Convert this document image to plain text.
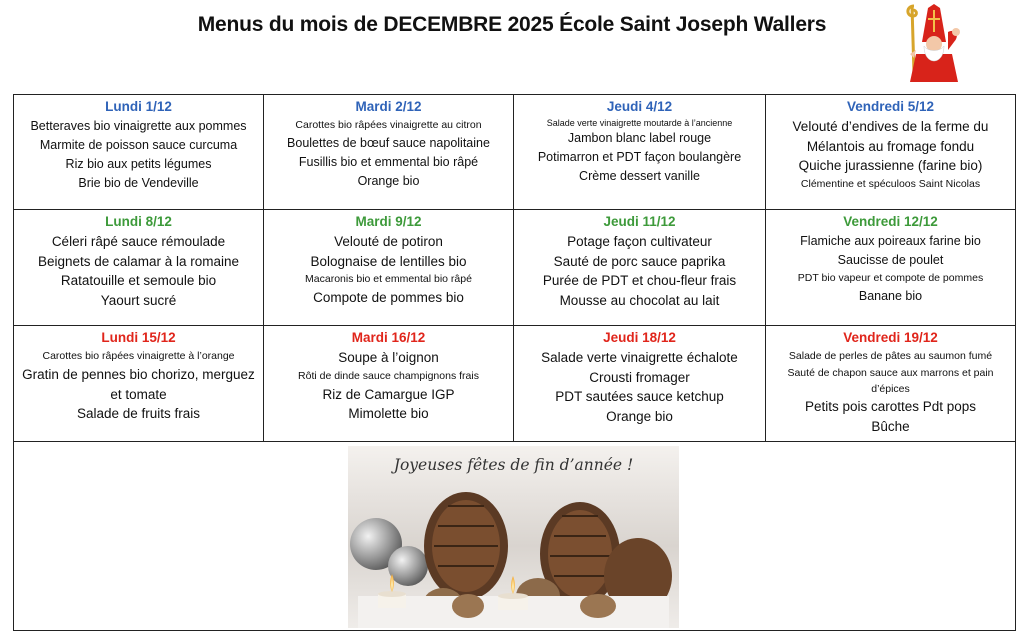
Menus du mois de DECEMBRE 2025 École Saint Joseph Wallers
Lundi 1/12
Betteraves bio vinaigrette aux pommes
Marmite de poisson sauce curcuma
Riz bio aux petits légumes
Brie bio de Vendeville
Mardi 2/12
Carottes bio râpées vinaigrette au citron
Boulettes de bœuf sauce napolitaine
Fusillis bio et emmental bio râpé
Orange bio
Jeudi 4/12
Salade verte vinaigrette moutarde à l’ancienne
Jambon blanc label rouge
Potimarron et PDT façon boulangère
Crème dessert vanille
Vendredi 5/12
Velouté d’endives de la ferme du Mélantois au fromage fondu
Quiche jurassienne (farine bio)
Clémentine et spéculoos Saint Nicolas
Lundi 8/12
Céleri râpé sauce rémoulade
Beignets de calamar à la romaine
Ratatouille et semoule bio
Yaourt sucré
Mardi 9/12
Velouté de potiron
Bolognaise de lentilles bio
Macaronis bio et emmental bio râpé
Compote de pommes bio
Jeudi 11/12
Potage façon cultivateur
Sauté de porc sauce paprika
Purée de PDT et chou-fleur frais
Mousse au chocolat au lait
Vendredi 12/12
Flamiche aux poireaux farine bio
Saucisse de poulet
PDT bio vapeur et compote de pommes
Banane bio
Lundi 15/12
Carottes bio râpées vinaigrette à l’orange
Gratin de pennes bio chorizo, merguez et tomate
Salade de fruits frais
Mardi 16/12
Soupe à l’oignon
Rôti de dinde sauce champignons frais
Riz de Camargue IGP
Mimolette bio
Jeudi 18/12
Salade verte vinaigrette échalote
Crousti fromager
PDT sautées sauce ketchup
Orange bio
Vendredi 19/12
Salade de perles de pâtes au saumon fumé
Sauté de chapon sauce aux marrons et pain d’épices
Petits pois carottes Pdt pops
Bûche
Joyeuses fêtes de fin d’année !
